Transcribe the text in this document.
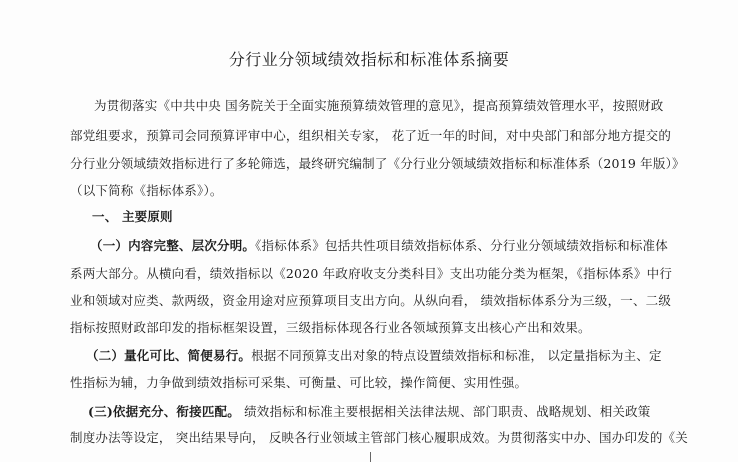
分行业分领域绩效指标和标准体系摘要
为贯彻落实《中共中央 国务院关于全面实施预算绩效管理的意见》，提高预算绩效管理水平，按照财政
部党组要求，预算司会同预算评审中心，组织相关专家， 花了近一年的时间，对中央部门和部分地方提交的
分行业分领域绩效指标进行了多轮筛选，最终研究编制了《分行业分领域绩效指标和标准体系（2019 年版）》
（以下简称《指标体系》）。
一、 主要原则
（一）内容完整、层次分明。《指标体系》包括共性项目绩效指标体系、分行业分领域绩效指标和标准体
系两大部分。从横向看，绩效指标以《2020 年政府收支分类科目》支出功能分类为框架，《指标体系》中行
业和领域对应类、款两级，资金用途对应预算项目支出方向。从纵向看， 绩效指标体系分为三级，一、二级
指标按照财政部印发的指标框架设置，三级指标体现各行业各领域预算支出核心产出和效果。
（二）量化可比、简便易行。根据不同预算支出对象的特点设置绩效指标和标准， 以定量指标为主、定
性指标为辅，力争做到绩效指标可采集、可衡量、可比较，操作简便、实用性强。
(三)依据充分、衔接匹配。 绩效指标和标准主要根据相关法律法规、部门职责、战略规划、相关政策
制度办法等设定， 突出结果导向， 反映各行业领域主管部门核心履职成效。为贯彻落实中办、国办印发的《关
